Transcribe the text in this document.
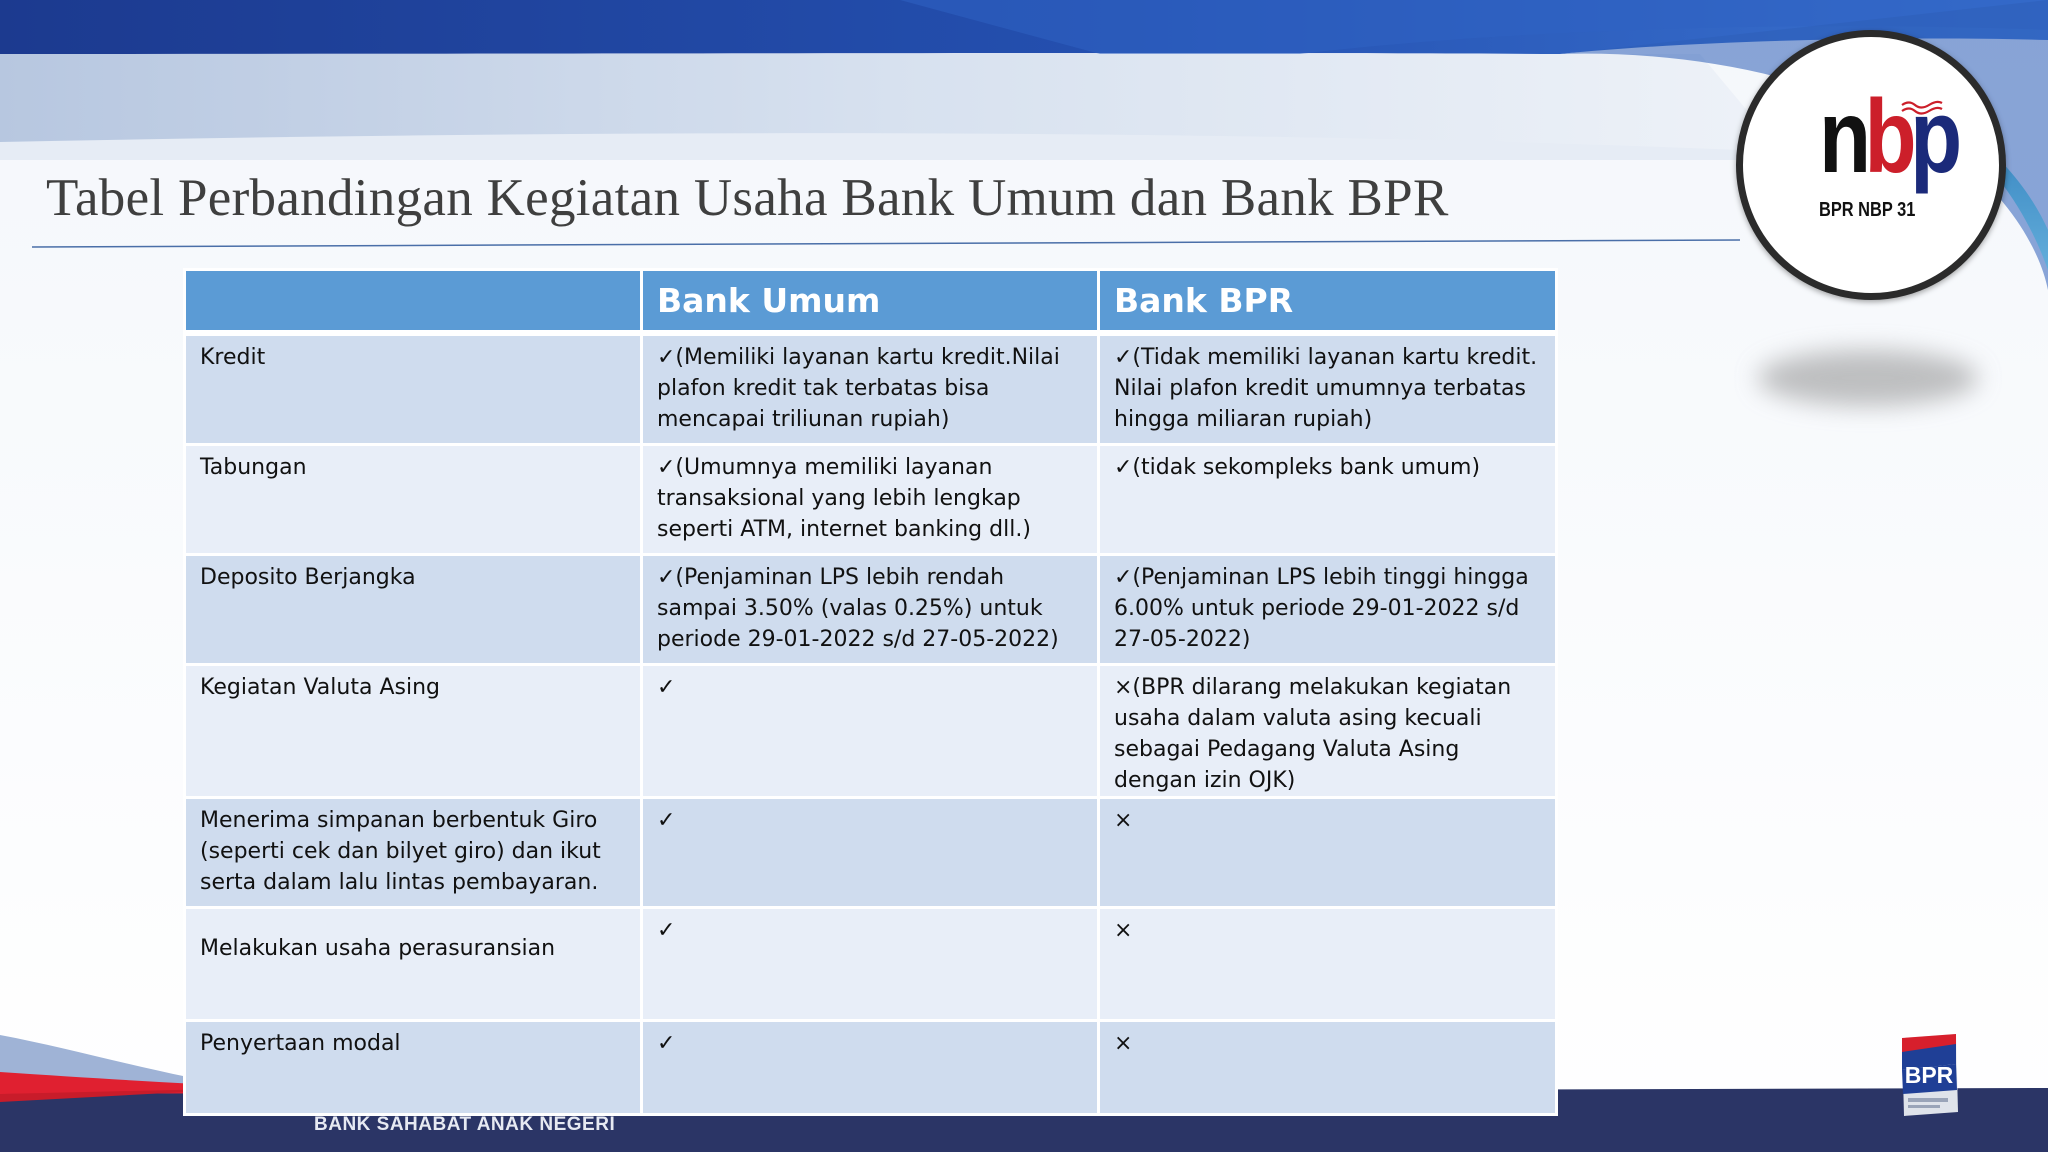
Tabel Perbandingan Kegiatan Usaha Bank Umum dan Bank BPR
nbp
BPR NBP 31
	Bank Umum	Bank BPR
Kredit	✓(Memiliki layanan kartu kredit.Nilai plafon kredit tak terbatas bisa mencapai triliunan rupiah)	✓(Tidak memiliki layanan kartu kredit. Nilai plafon kredit umumnya terbatas hingga miliaran rupiah)
Tabungan	✓(Umumnya memiliki layanan transaksional yang lebih lengkap seperti ATM, internet banking dll.)	✓(tidak sekompleks bank umum)
Deposito Berjangka	✓(Penjaminan LPS lebih rendah sampai 3.50% (valas 0.25%) untuk periode 29-01-2022 s/d 27-05-2022)	✓(Penjaminan LPS lebih tinggi hingga 6.00% untuk periode 29-01-2022 s/d 27-05-2022)
Kegiatan Valuta Asing	✓	×(BPR dilarang melakukan kegiatan usaha dalam valuta asing kecuali sebagai Pedagang Valuta Asing dengan izin OJK)
Menerima simpanan berbentuk Giro (seperti cek dan bilyet giro) dan ikut serta dalam lalu lintas pembayaran.	✓	×
Melakukan usaha perasuransian	✓	×
Penyertaan modal	✓	×
BANK SAHABAT ANAK NEGERI
BPR
